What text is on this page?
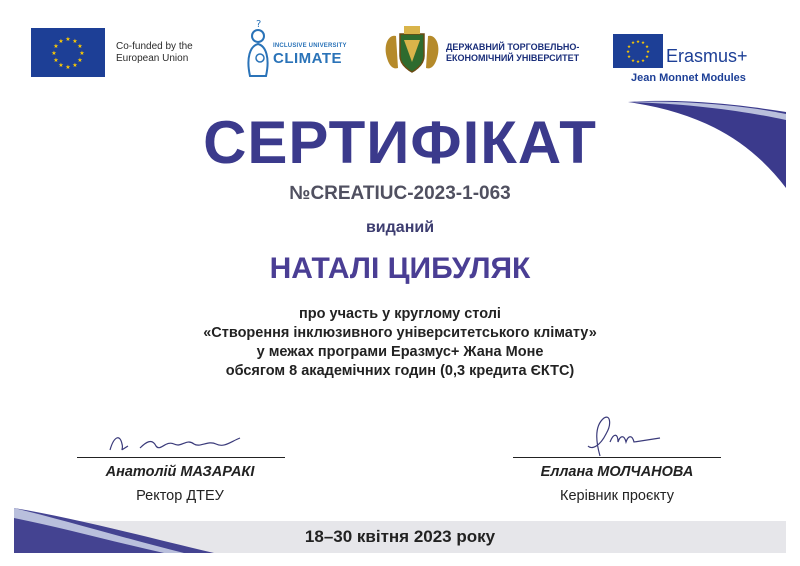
★ ★
★
★
★
★
★
★
★
★
★
★	Co-funded by the
European Union
?
INCLUSIVE UNIVERSITY
CLIMATE
ДЕРЖАВНИЙ ТОРГОВЕЛЬНО-
ЕКОНОМІЧНИЙ УНІВЕРСИТЕТ
★ ★
★
★
★
★
★
★
★
★
★
★
Erasmus+
Jean Monnet Modules
СЕРТИФІКАТ
№CREATIUC-2023-1-063
виданий
НАТАЛІ ЦИБУЛЯК
про участь у круглому столі
«Створення інклюзивного університетського клімату»
у межах програми Еразмус+ Жана Моне
обсягом 8 академічних годин (0,3 кредита ЄКТС)
Анатолій МАЗАРАКІ
Ректор ДТЕУ
Еллана МОЛЧАНОВА
Керівник проєкту
18–30 квітня 2023 року
